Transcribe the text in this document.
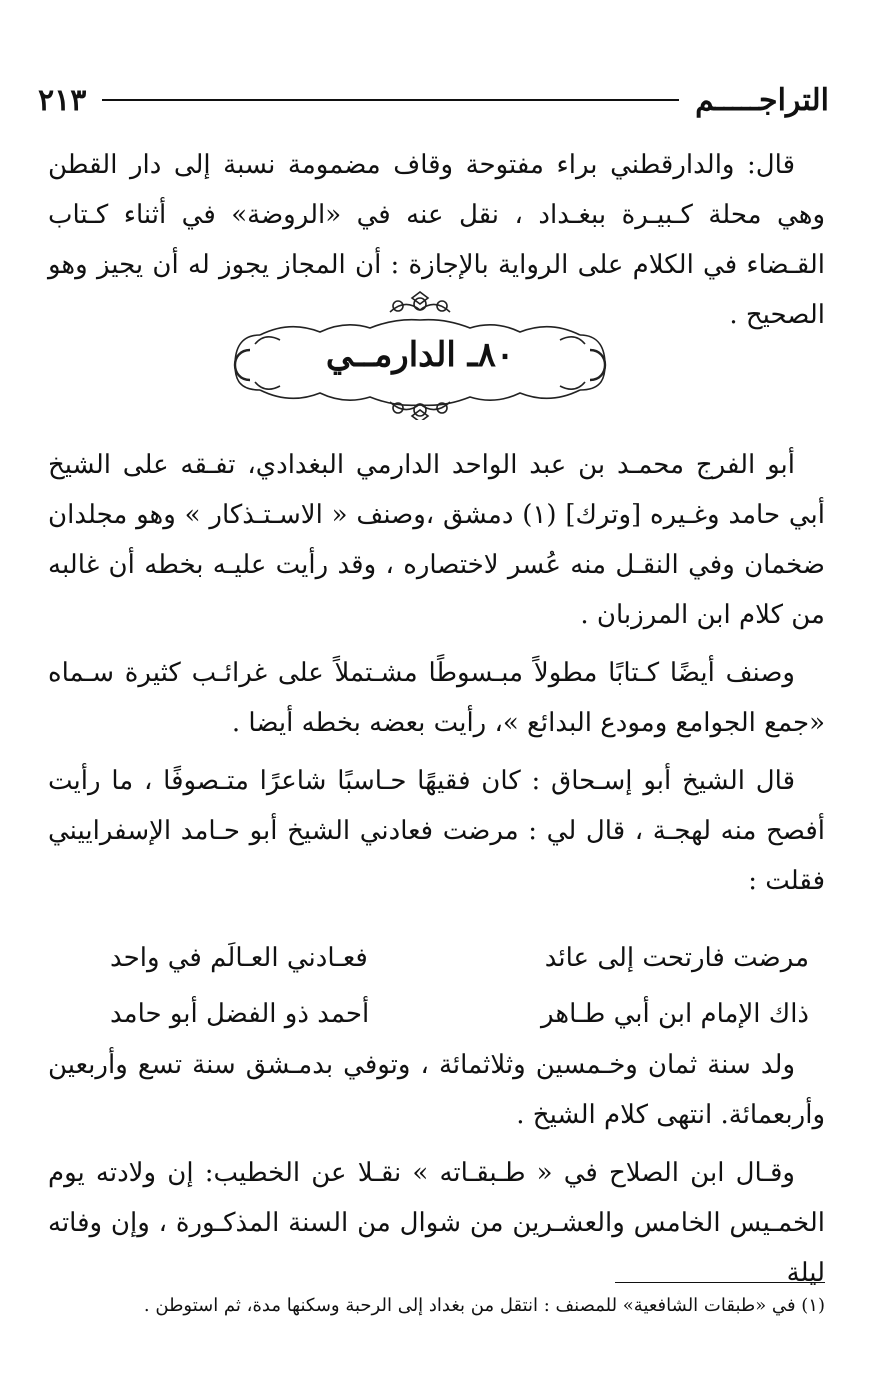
التراجـــــم
٢١٣

قال: والدارقطني براء مفتوحة وقاف مضمومة نسبة إلى دار القطن وهي محلة كـبيـرة ببغـداد ، نقل عنه في «الروضة» في أثناء كـتاب القـضاء في الكلام على الرواية بالإجازة : أن المجاز يجوز له أن يجيز وهو الصحيح .

٨٠ـ الدارمــي

أبو الفرج محمـد بن عبد الواحد الدارمي البغدادي، تفـقه على الشيخ أبي حامد وغـيره [وترك] (١) دمشق ،وصنف « الاسـتـذكار » وهو مجلدان ضخمان وفي النقـل منه عُسر لاختصاره ، وقد رأيت عليـه بخطه أن غالبه من كلام ابن المرزبان .

وصنف أيضًا كـتابًا مطولاً مبـسوطًا مشـتملاً على غرائـب كثيرة سـماه «جمع الجوامع ومودع البدائع »، رأيت بعضه بخطه أيضا .

قال الشيخ أبو إسـحاق : كان فقيهًا حـاسبًا شاعرًا متـصوفًا ، ما رأيت أفصح منه لهجـة ، قال لي : مرضت فعادني الشيخ أبو حـامد الإسفراييني فقلت :

مرضت فارتحت إلى عائد
فعـادني العـالَم في واحد
ذاك الإمام ابن أبي طـاهر
أحمد ذو الفضل أبو حامد

ولد سنة ثمان وخـمسين وثلاثمائة ، وتوفي بدمـشق سنة تسع وأربعين وأربعمائة. انتهى كلام الشيخ .

وقـال ابن الصلاح في « طـبقـاته » نقـلا عن الخطيب: إن ولادته يوم الخمـيس الخامس والعشـرين من شوال من السنة المذكـورة ، وإن وفاته ليلة

(١) في «طبقات الشافعية» للمصنف : انتقل من بغداد إلى الرحبة وسكنها مدة، ثم استوطن .
